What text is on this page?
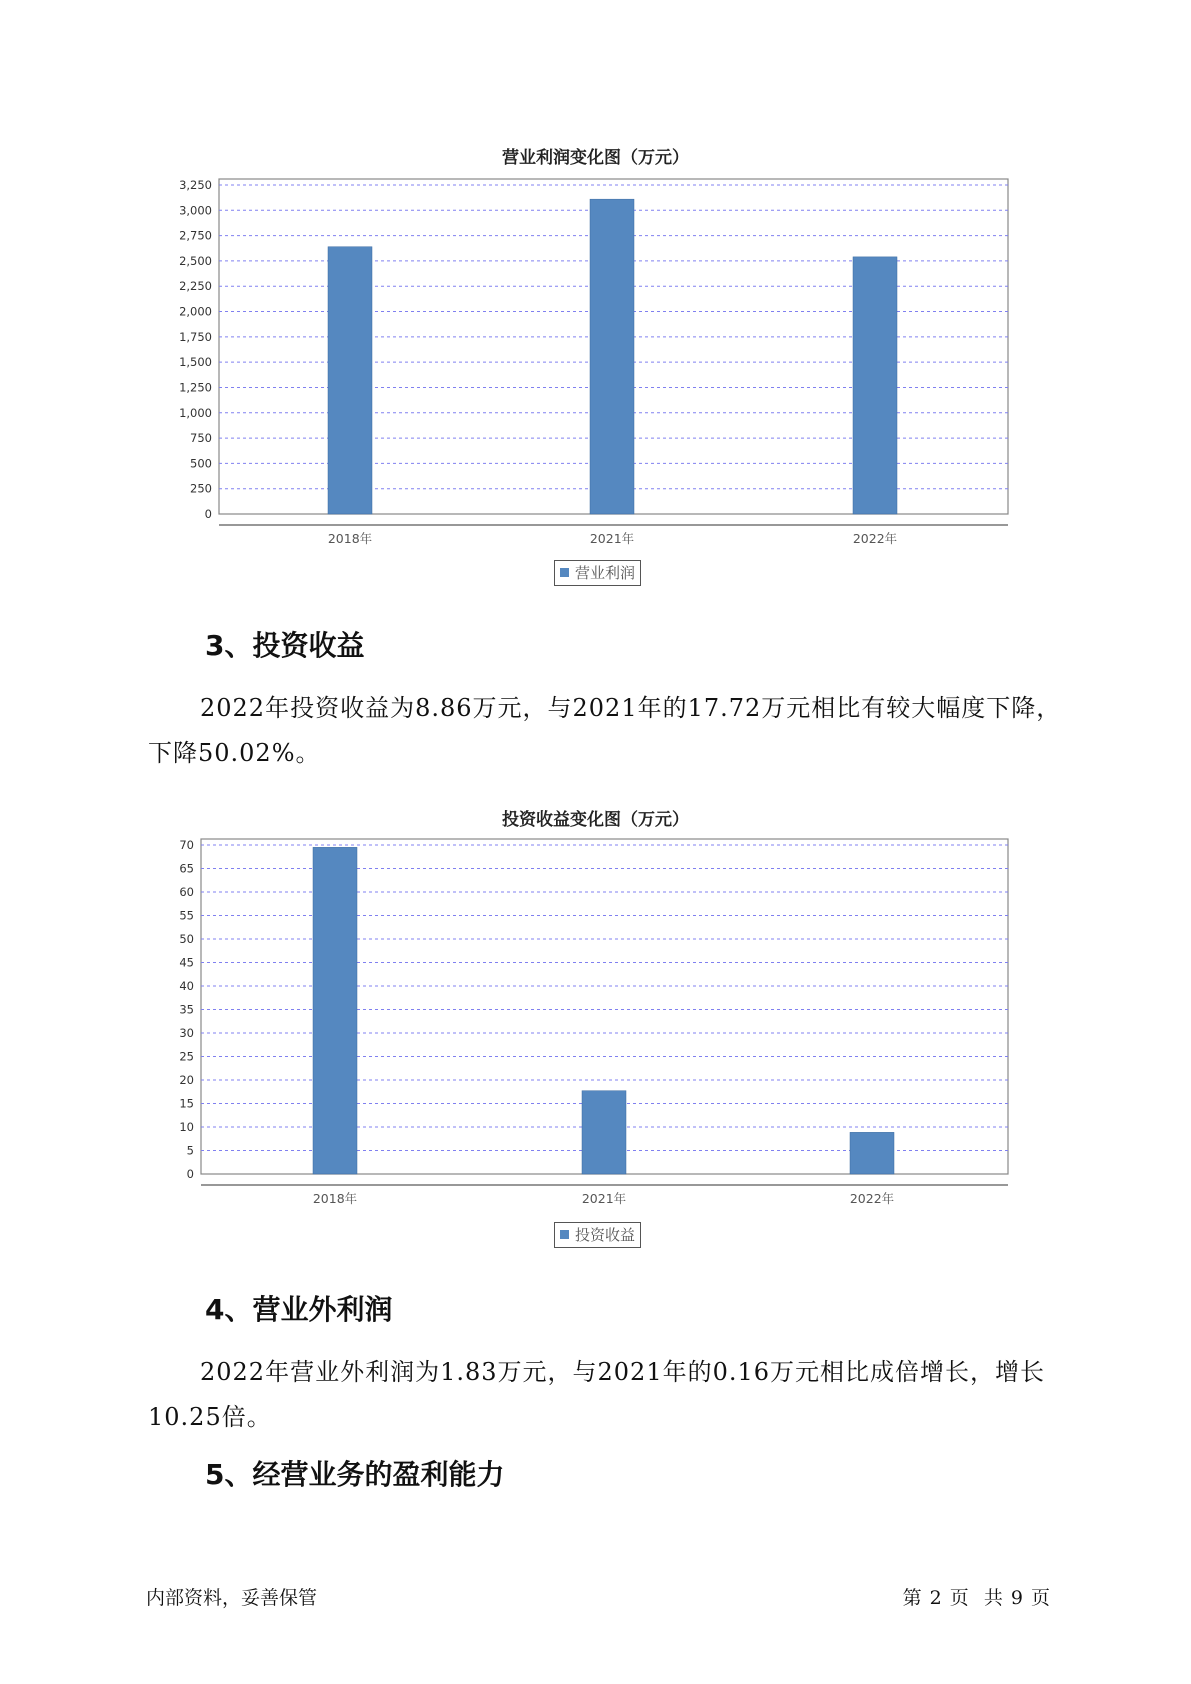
营业利润变化图（万元）
0
250
500
750
1,000
1,250
1,500
1,750
2,000
2,250
2,500
2,750
3,000
3,250
2018年	2021年	2022年
营业利润
3、投资收益
2022年投资收益为8.86万元，与2021年的17.72万元相比有较大幅度下降，下降50.02%。
投资收益变化图（万元）
0
5
10
15
20
25
30
35
40
45
50
55
60
65
70
2018年	2021年	2022年
投资收益
4、营业外利润
2022年营业外利润为1.83万元，与2021年的0.16万元相比成倍增长，增长10.25倍。
5、经营业务的盈利能力
内部资料，妥善保管	第 2 页  共 9 页
